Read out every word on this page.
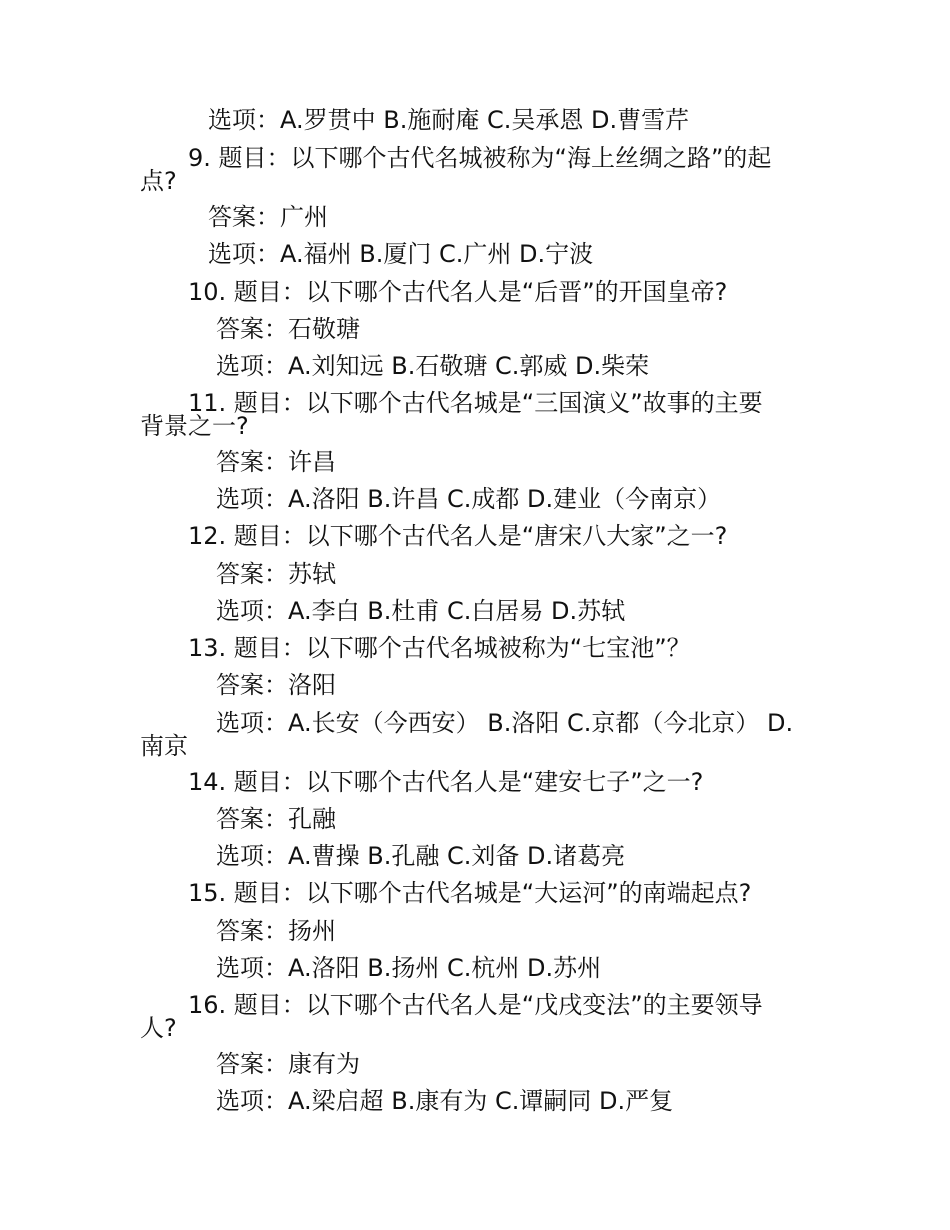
选项：A.罗贯中 B.施耐庵 C.吴承恩 D.曹雪芹

9. 题目：以下哪个古代名城被称为“海上丝绸之路”的起

点?

答案：广州

选项：A.福州 B.厦门 C.广州 D.宁波

10. 题目：以下哪个古代名人是“后晋”的开国皇帝?

答案：石敬瑭

选项：A.刘知远 B.石敬瑭 C.郭威 D.柴荣

11. 题目：以下哪个古代名城是“三国演义”故事的主要

背景之一?

答案：许昌

选项：A.洛阳 B.许昌 C.成都 D.建业（今南京）

12. 题目：以下哪个古代名人是“唐宋八大家”之一?

答案：苏轼

选项：A.李白 B.杜甫 C.白居易 D.苏轼

13. 题目：以下哪个古代名城被称为“七宝池”？

答案：洛阳

选项：A.长安（今西安） B.洛阳 C.京都（今北京） D.

南京

14. 题目：以下哪个古代名人是“建安七子”之一?

答案：孔融

选项：A.曹操 B.孔融 C.刘备 D.诸葛亮

15. 题目：以下哪个古代名城是“大运河”的南端起点?

答案：扬州

选项：A.洛阳 B.扬州 C.杭州 D.苏州

16. 题目：以下哪个古代名人是“戊戌变法”的主要领导

人?

答案：康有为

选项：A.梁启超 B.康有为 C.谭嗣同 D.严复
